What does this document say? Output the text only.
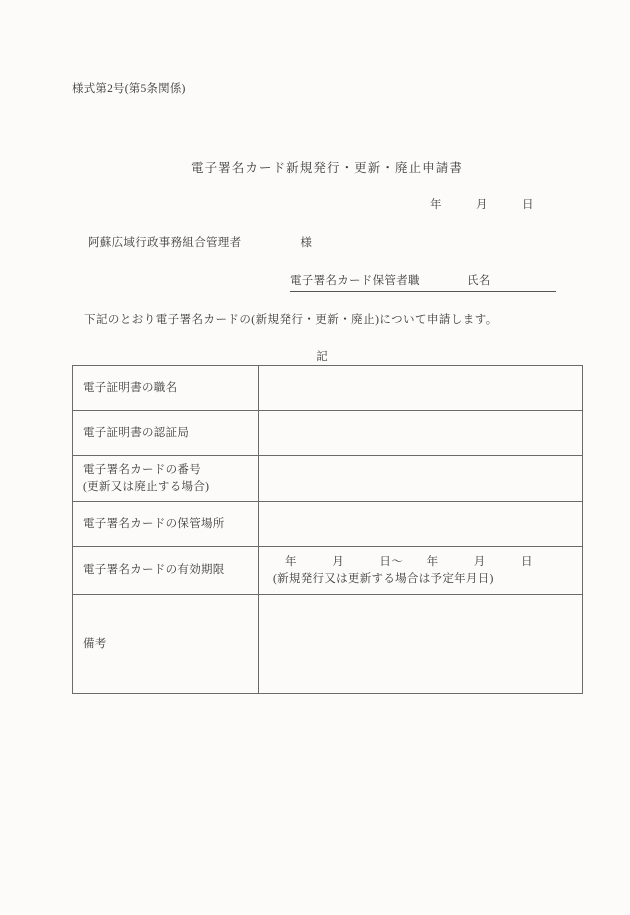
様式第2号(第5条関係)
電子署名カード新規発行・更新・廃止申請書
年　　　月　　　日
阿蘇広域行政事務組合管理者　　　　　様
電子署名カード保管者職　　　　氏名
下記のとおり電子署名カードの(新規発行・更新・廃止)について申請します。
記
電子証明書の職名	

電子証明書の認証局	

電子署名カードの番号
(更新又は廃止する場合)	

電子署名カードの保管場所	

電子署名カードの有効期限	年　　　月　　　日〜　　年　　　月　　　日
(新規発行又は更新する場合は予定年月日)

備考	
